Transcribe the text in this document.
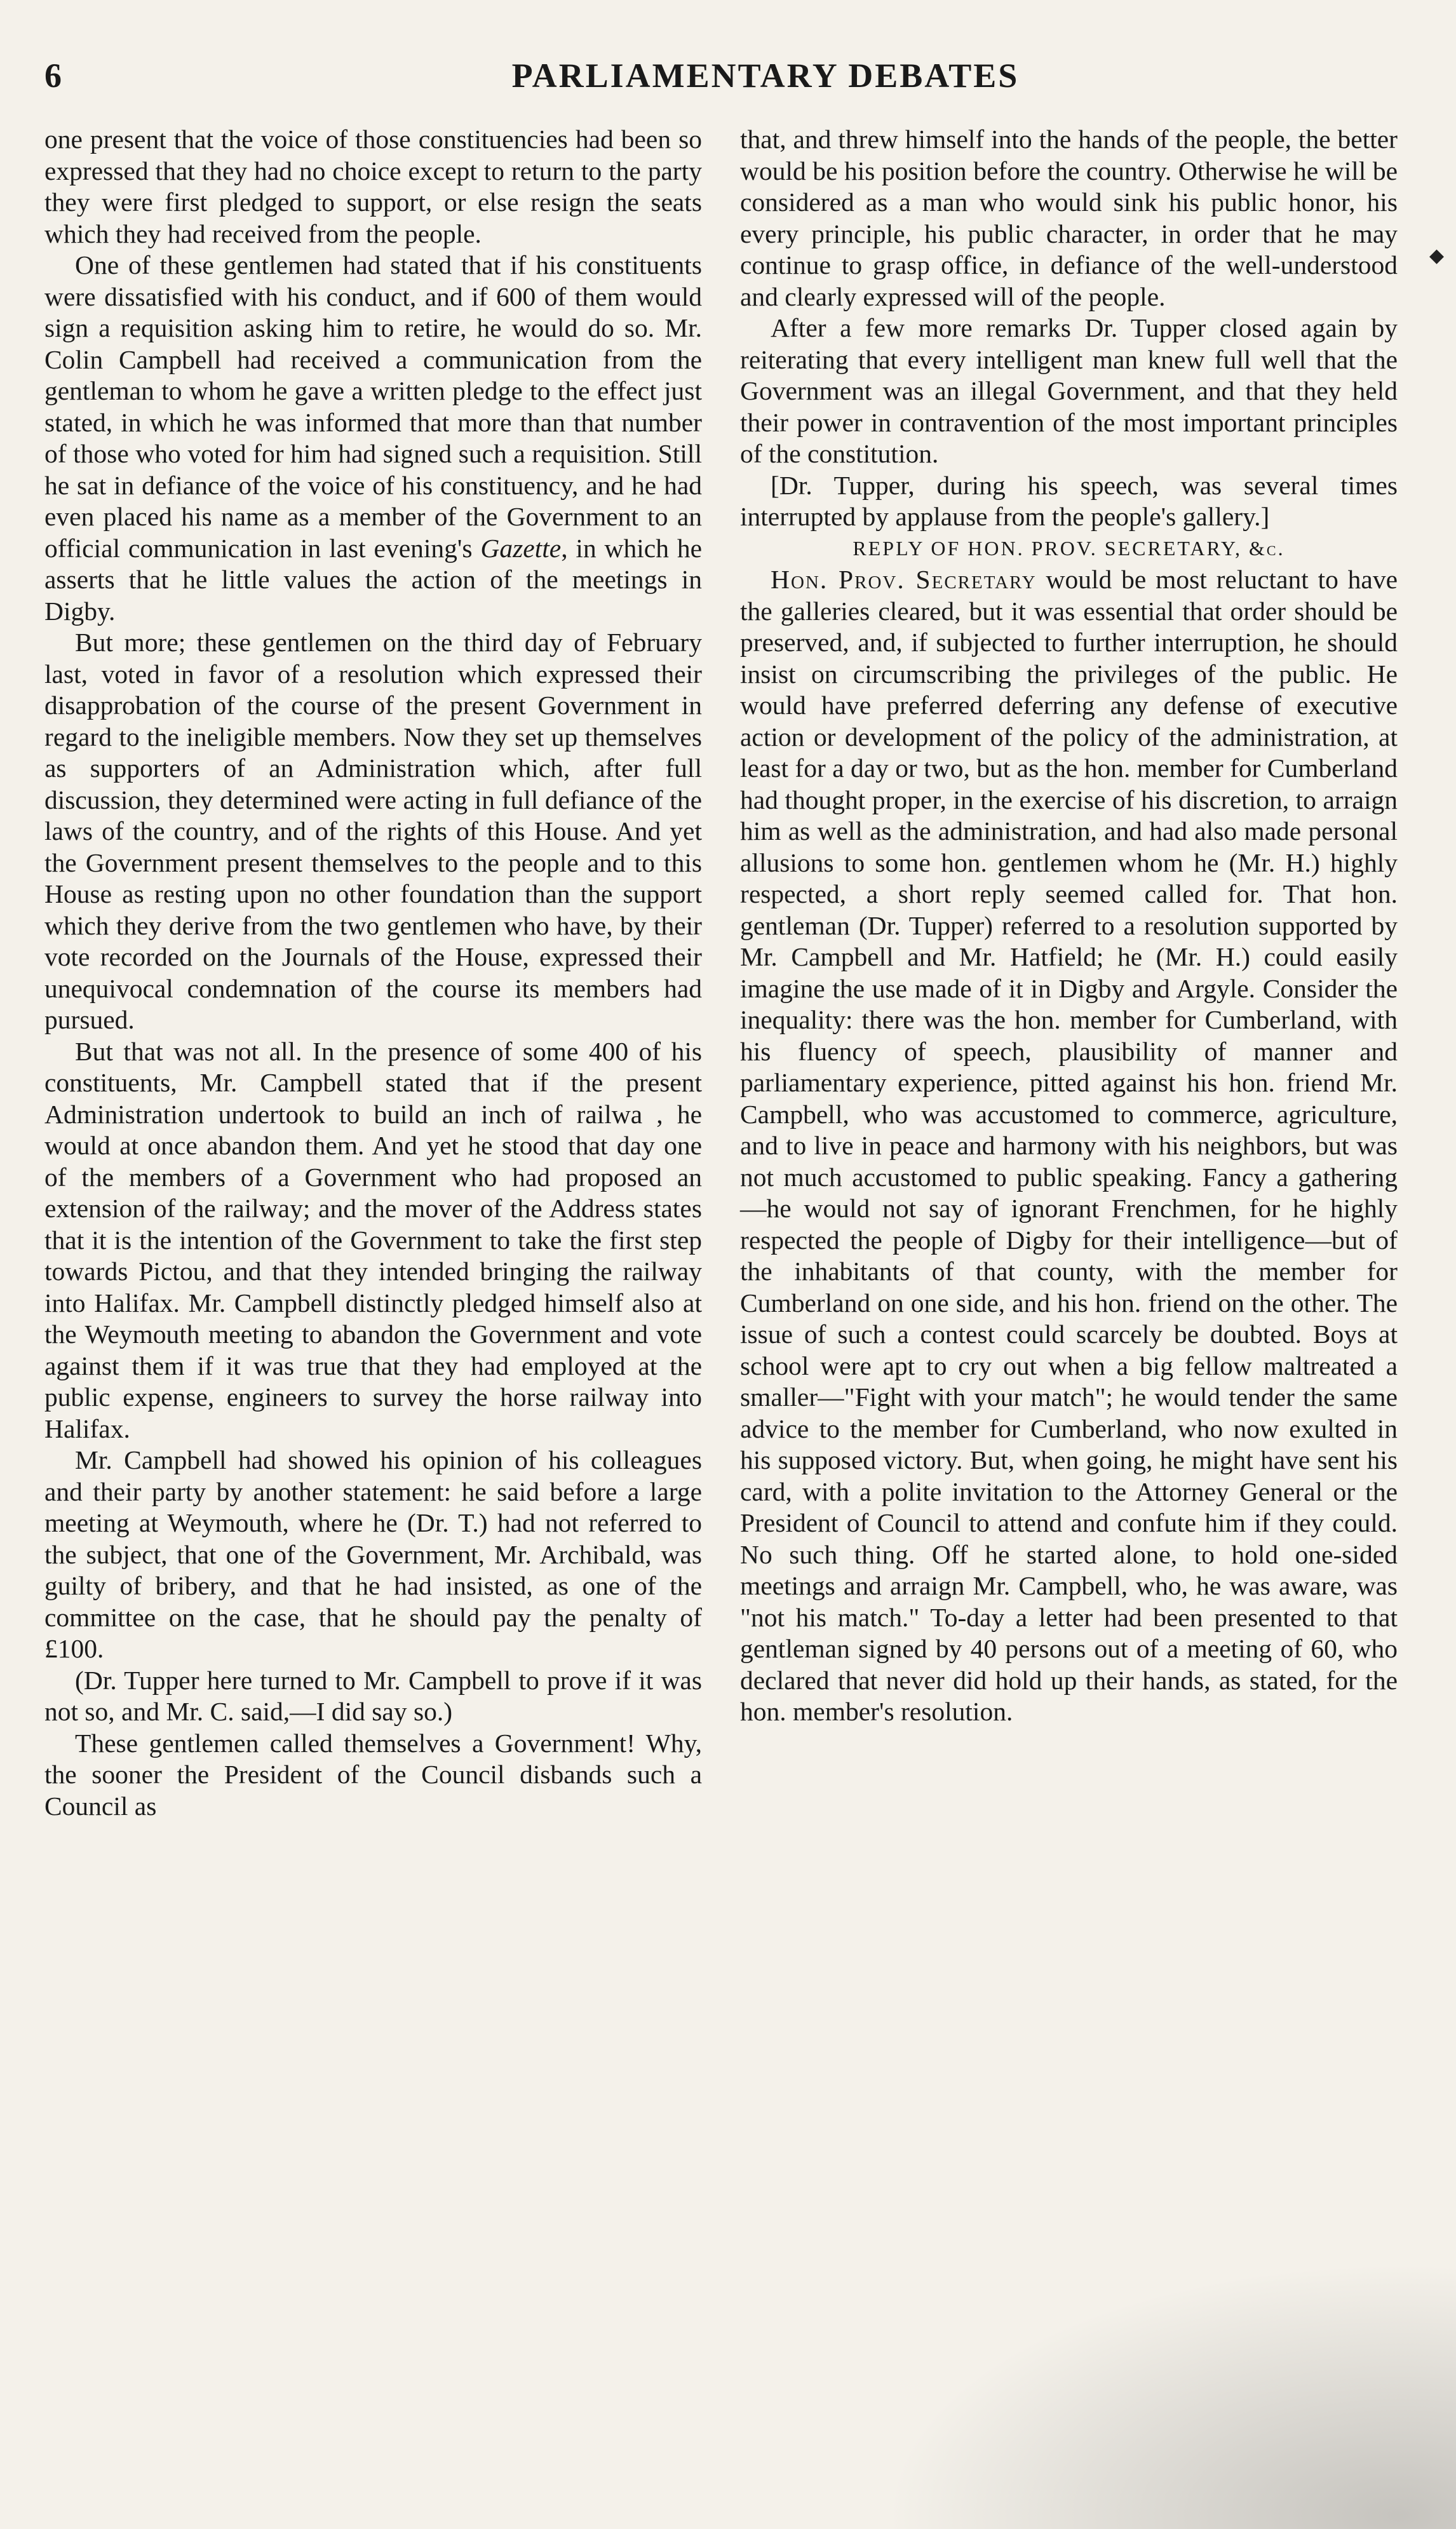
6	PARLIAMENTARY DEBATES

one present that the voice of those constituencies had been so expressed that they had no choice except to return to the party they were first pledged to support, or else resign the seats which they had received from the people.

One of these gentlemen had stated that if his constituents were dissatisfied with his conduct, and if 600 of them would sign a requisition asking him to retire, he would do so. Mr. Colin Campbell had received a communication from the gentleman to whom he gave a written pledge to the effect just stated, in which he was informed that more than that number of those who voted for him had signed such a requisition. Still he sat in defiance of the voice of his constituency, and he had even placed his name as a member of the Government to an official communication in last evening's Gazette, in which he asserts that he little values the action of the meetings in Digby.

But more; these gentlemen on the third day of February last, voted in favor of a resolution which expressed their disapprobation of the course of the present Government in regard to the ineligible members. Now they set up themselves as supporters of an Administration which, after full discussion, they determined were acting in full defiance of the laws of the country, and of the rights of this House. And yet the Government present themselves to the people and to this House as resting upon no other foundation than the support which they derive from the two gentlemen who have, by their vote recorded on the Journals of the House, expressed their unequivocal condemnation of the course its members had pursued.

But that was not all. In the presence of some 400 of his constituents, Mr. Campbell stated that if the present Administration undertook to build an inch of railwa , he would at once abandon them. And yet he stood that day one of the members of a Government who had proposed an extension of the railway; and the mover of the Address states that it is the intention of the Government to take the first step towards Pictou, and that they intended bringing the railway into Halifax. Mr. Campbell distinctly pledged himself also at the Weymouth meeting to abandon the Government and vote against them if it was true that they had employed at the public expense, engineers to survey the horse railway into Halifax.

Mr. Campbell had showed his opinion of his colleagues and their party by another statement: he said before a large meeting at Weymouth, where he (Dr. T.) had not referred to the subject, that one of the Government, Mr. Archibald, was guilty of bribery, and that he had insisted, as one of the committee on the case, that he should pay the penalty of £100.

(Dr. Tupper here turned to Mr. Campbell to prove if it was not so, and Mr. C. said,—I did say so.)

These gentlemen called themselves a Government! Why, the sooner the President of the Council disbands such a Council as

that, and threw himself into the hands of the people, the better would be his position before the country. Otherwise he will be considered as a man who would sink his public honor, his every principle, his public character, in order that he may continue to grasp office, in defiance of the well-understood and clearly expressed will of the people.

After a few more remarks Dr. Tupper closed again by reiterating that every intelligent man knew full well that the Government was an illegal Government, and that they held their power in contravention of the most important principles of the constitution.

[Dr. Tupper, during his speech, was several times interrupted by applause from the people's gallery.]

REPLY OF HON. PROV. SECRETARY, &c.

Hon. Prov. Secretary would be most reluctant to have the galleries cleared, but it was essential that order should be preserved, and, if subjected to further interruption, he should insist on circumscribing the privileges of the public. He would have preferred deferring any defense of executive action or development of the policy of the administration, at least for a day or two, but as the hon. member for Cumberland had thought proper, in the exercise of his discretion, to arraign him as well as the administration, and had also made personal allusions to some hon. gentlemen whom he (Mr. H.) highly respected, a short reply seemed called for. That hon. gentleman (Dr. Tupper) referred to a resolution supported by Mr. Campbell and Mr. Hatfield; he (Mr. H.) could easily imagine the use made of it in Digby and Argyle. Consider the inequality: there was the hon. member for Cumberland, with his fluency of speech, plausibility of manner and parliamentary experience, pitted against his hon. friend Mr. Campbell, who was accustomed to commerce, agriculture, and to live in peace and harmony with his neighbors, but was not much accustomed to public speaking. Fancy a gathering—he would not say of ignorant Frenchmen, for he highly respected the people of Digby for their intelligence—but of the inhabitants of that county, with the member for Cumberland on one side, and his hon. friend on the other. The issue of such a contest could scarcely be doubted. Boys at school were apt to cry out when a big fellow maltreated a smaller—"Fight with your match"; he would tender the same advice to the member for Cumberland, who now exulted in his supposed victory. But, when going, he might have sent his card, with a polite invitation to the Attorney General or the President of Council to attend and confute him if they could. No such thing. Off he started alone, to hold one-sided meetings and arraign Mr. Campbell, who, he was aware, was "not his match." To-day a letter had been presented to that gentleman signed by 40 persons out of a meeting of 60, who declared that never did hold up their hands, as stated, for the hon. member's resolution.

◆
